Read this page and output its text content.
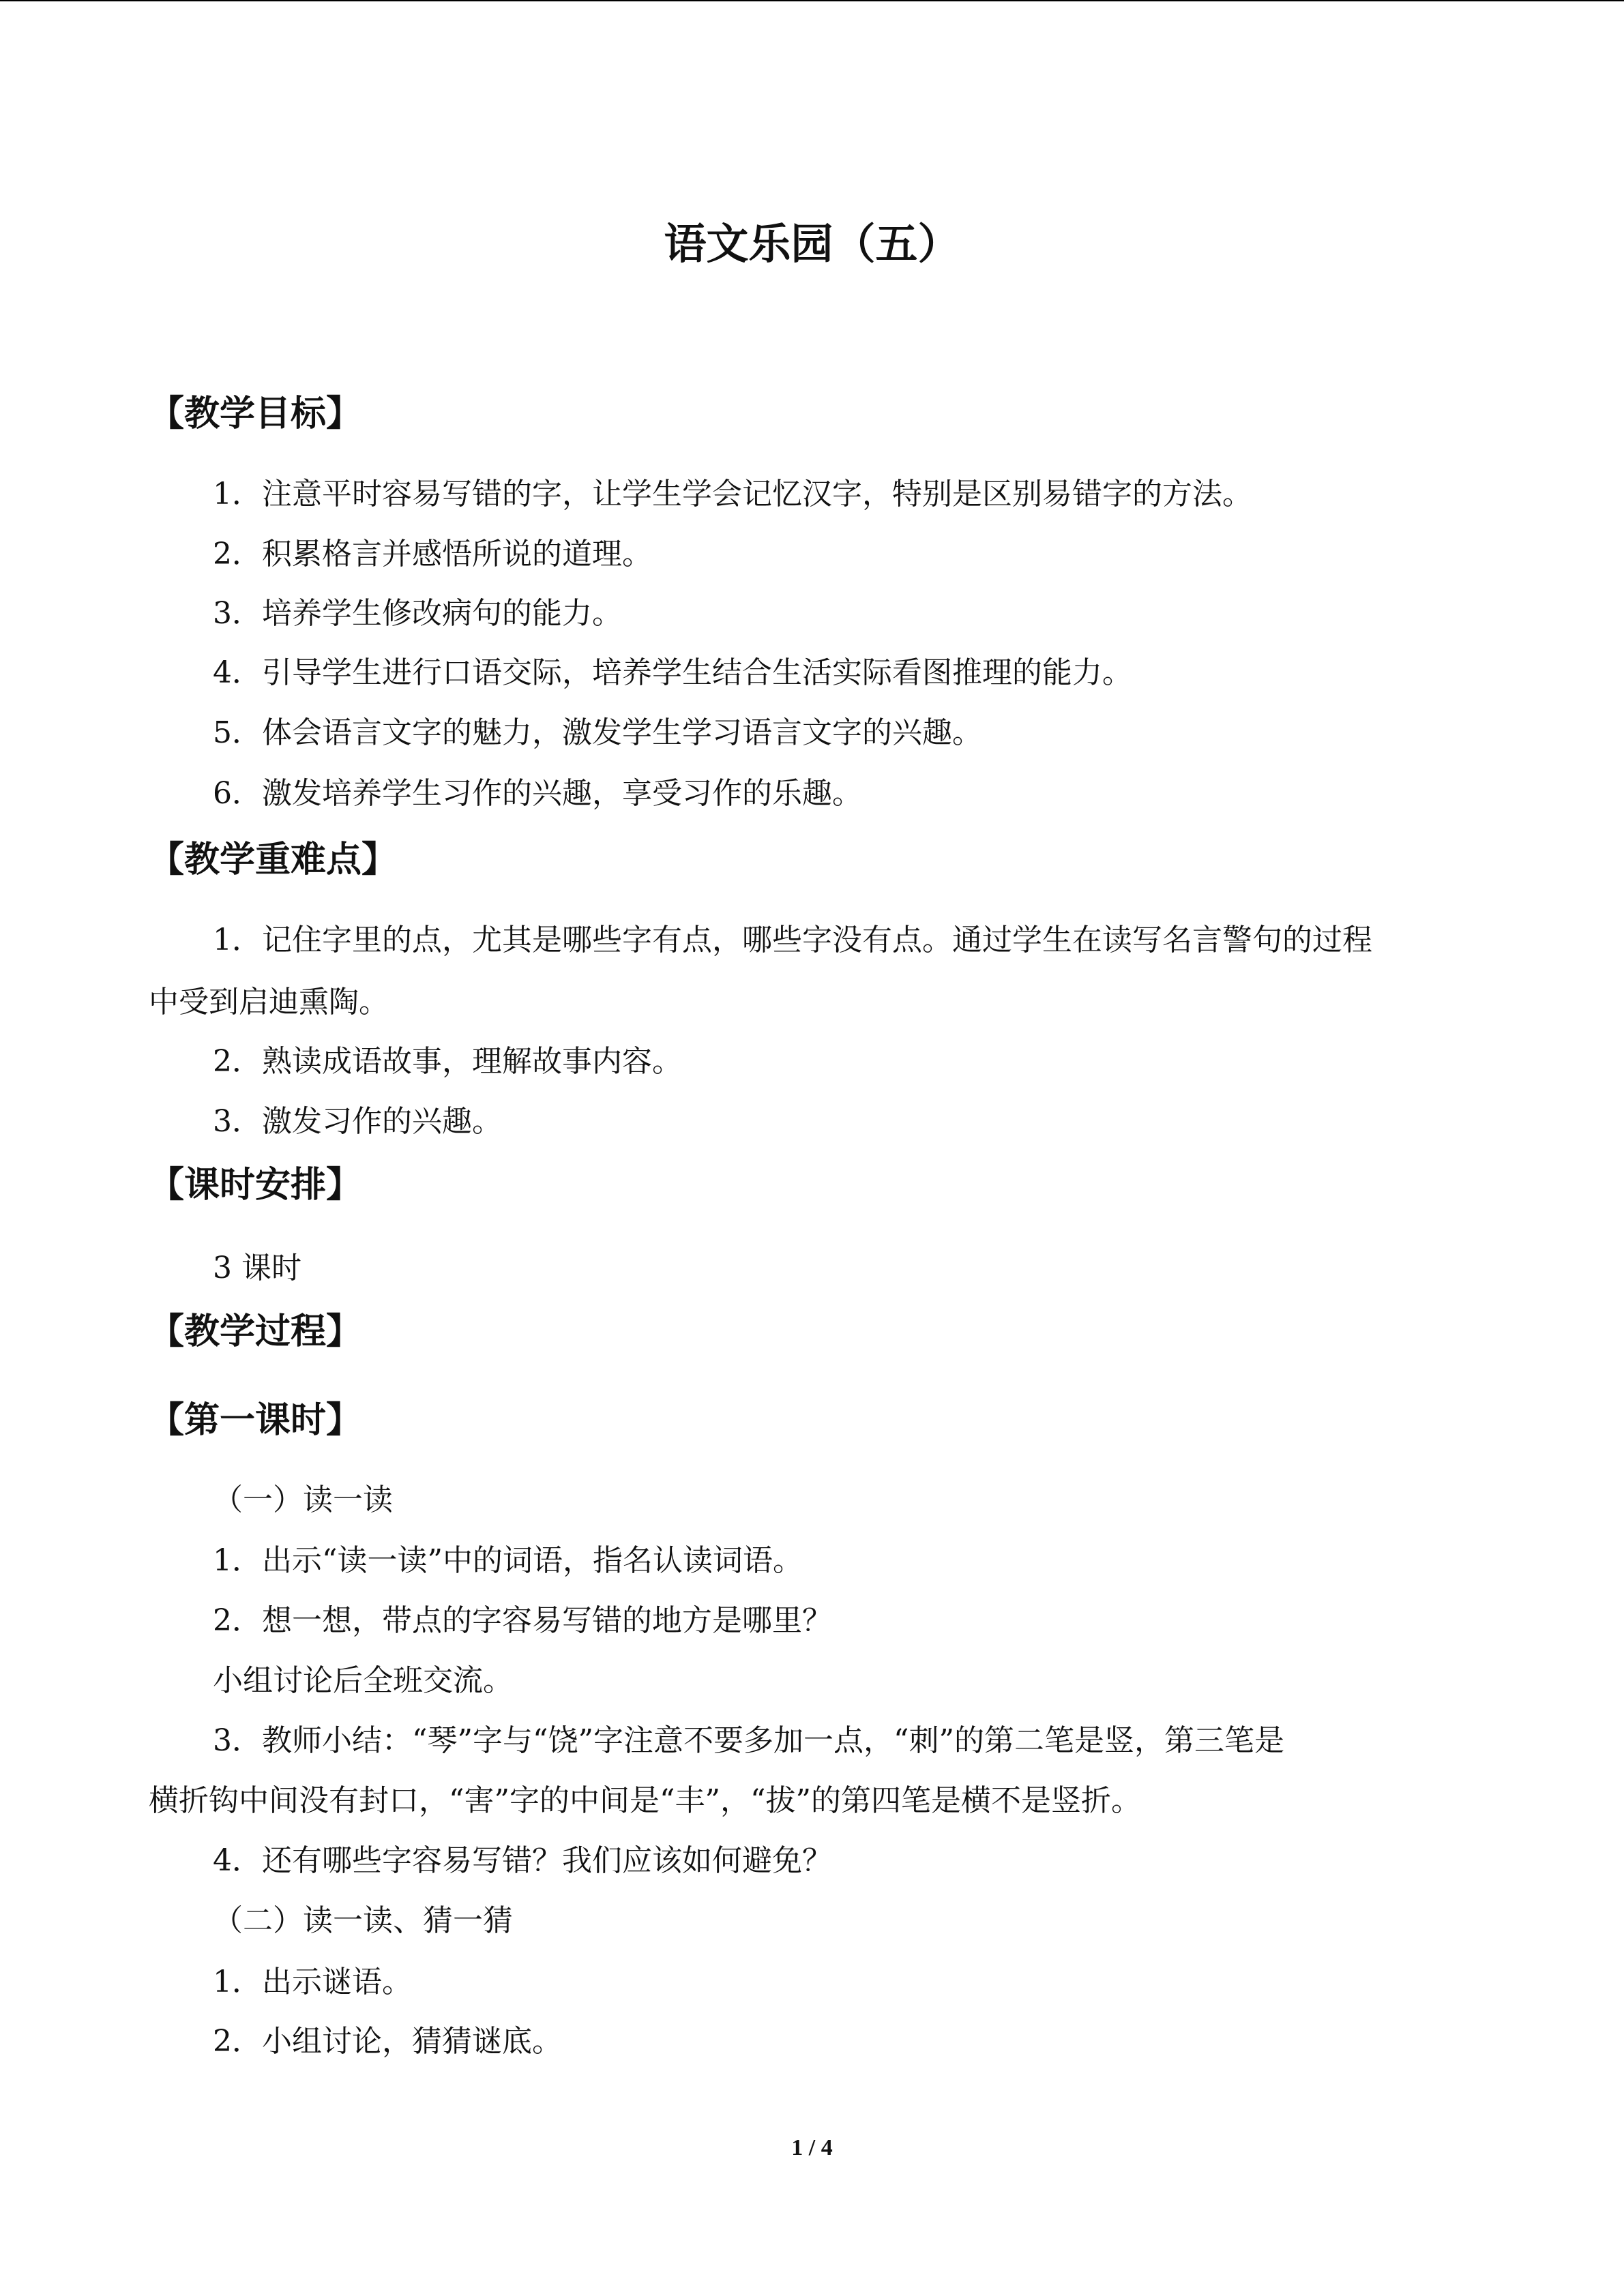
语文乐园（五）
【教学目标】
1．注意平时容易写错的字，让学生学会记忆汉字，特别是区别易错字的方法。
2．积累格言并感悟所说的道理。
3．培养学生修改病句的能力。
4．引导学生进行口语交际，培养学生结合生活实际看图推理的能力。
5．体会语言文字的魅力，激发学生学习语言文字的兴趣。
6．激发培养学生习作的兴趣，享受习作的乐趣。
【教学重难点】
1．记住字里的点，尤其是哪些字有点，哪些字没有点。通过学生在读写名言警句的过程
中受到启迪熏陶。
2．熟读成语故事，理解故事内容。
3．激发习作的兴趣。
【课时安排】
3 课时
【教学过程】
【第一课时】
（一）读一读
1．出示“读一读”中的词语，指名认读词语。
2．想一想，带点的字容易写错的地方是哪里？
小组讨论后全班交流。
3．教师小结：“琴”字与“饶”字注意不要多加一点，“刺”的第二笔是竖，第三笔是
横折钩中间没有封口，“害”字的中间是“丰”，“拔”的第四笔是横不是竖折。
4．还有哪些字容易写错？我们应该如何避免？
（二）读一读、猜一猜
1．出示谜语。
2．小组讨论，猜猜谜底。
1 / 4
